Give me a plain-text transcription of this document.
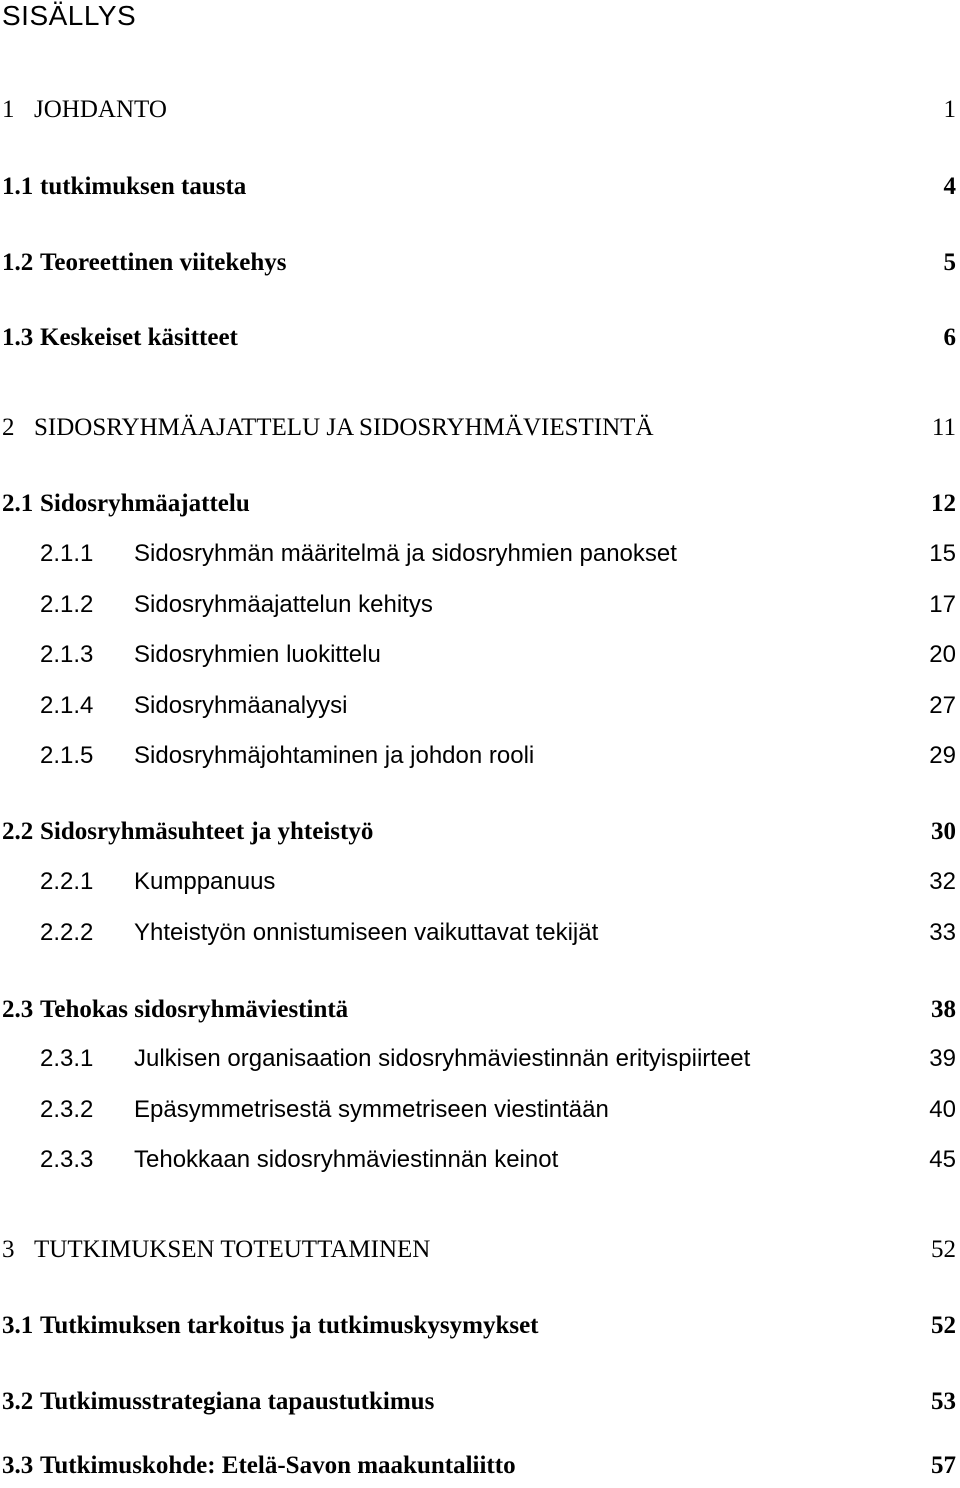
SISÄLLYS
1 JOHDANTO	1
1.1 tutkimuksen tausta	4
1.2 Teoreettinen viitekehys	5
1.3 Keskeiset käsitteet	6
2 SIDOSRYHMÄAJATTELU JA SIDOSRYHMÄVIESTINTÄ	11
2.1 Sidosryhmäajattelu	12
2.1.1 Sidosryhmän määritelmä ja sidosryhmien panokset	15
2.1.2 Sidosryhmäajattelun kehitys	17
2.1.3 Sidosryhmien luokittelu	20
2.1.4 Sidosryhmäanalyysi	27
2.1.5 Sidosryhmäjohtaminen ja johdon rooli	29
2.2 Sidosryhmäsuhteet ja yhteistyö	30
2.2.1 Kumppanuus	32
2.2.2 Yhteistyön onnistumiseen vaikuttavat tekijät	33
2.3 Tehokas sidosryhmäviestintä	38
2.3.1 Julkisen organisaation sidosryhmäviestinnän erityispiirteet	39
2.3.2 Epäsymmetrisestä symmetriseen viestintään	40
2.3.3 Tehokkaan sidosryhmäviestinnän keinot	45
3 TUTKIMUKSEN TOTEUTTAMINEN	52
3.1 Tutkimuksen tarkoitus ja tutkimuskysymykset	52
3.2 Tutkimusstrategiana tapaustutkimus	53
3.3 Tutkimuskohde: Etelä-Savon maakuntaliitto	57
